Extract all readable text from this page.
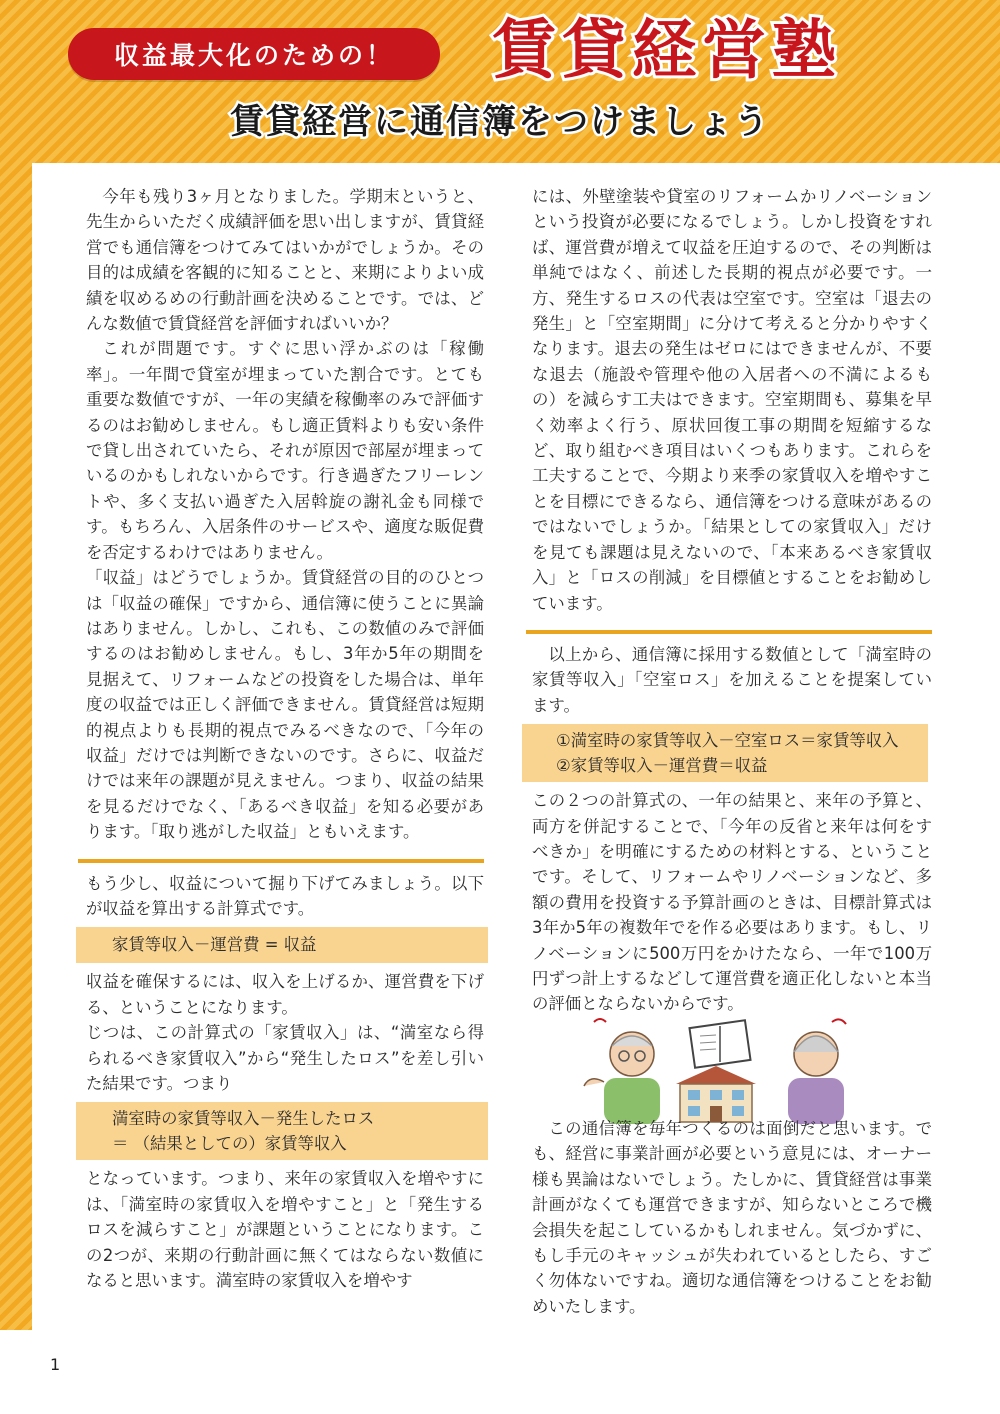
収益最大化のための！	賃貸経営塾
賃貸経営に通信簿をつけましょう

今年も残り3ヶ月となりました。学期末というと、先生からいただく成績評価を思い出しますが、賃貸経営でも通信簿をつけてみてはいかがでしょうか。その目的は成績を客観的に知ることと、来期によりよい成績を収めるめの行動計画を決めることです。では、どんな数値で賃貸経営を評価すればいいか？

これが問題です。すぐに思い浮かぶのは「稼働率」。一年間で貸室が埋まっていた割合です。とても重要な数値ですが、一年の実績を稼働率のみで評価するのはお勧めしません。もし適正賃料よりも安い条件で貸し出されていたら、それが原因で部屋が埋まっているのかもしれないからです。行き過ぎたフリーレントや、多く支払い過ぎた入居斡旋の謝礼金も同様です。もちろん、入居条件のサービスや、適度な販促費を否定するわけではありません。

「収益」はどうでしょうか。賃貸経営の目的のひとつは「収益の確保」ですから、通信簿に使うことに異論はありません。しかし、これも、この数値のみで評価するのはお勧めしません。もし、3年か5年の期間を見据えて、リフォームなどの投資をした場合は、単年度の収益では正しく評価できません。賃貸経営は短期的視点よりも長期的視点でみるべきなので、「今年の収益」だけでは判断できないのです。さらに、収益だけでは来年の課題が見えません。つまり、収益の結果を見るだけでなく、「あるべき収益」を知る必要があります。「取り逃がした収益」ともいえます。

もう少し、収益について掘り下げてみましょう。以下が収益を算出する計算式です。

家賃等収入－運営費 = 収益

収益を確保するには、収入を上げるか、運営費を下げる、ということになります。

じつは、この計算式の「家賃収入」は、“満室なら得られるべき家賃収入”から“発生したロス”を差し引いた結果です。つまり

満室時の家賃等収入－発生したロス
＝ （結果としての）家賃等収入

となっています。つまり、来年の家賃収入を増やすには、「満室時の家賃収入を増やすこと」と「発生するロスを減らすこと」が課題ということになります。この2つが、来期の行動計画に無くてはならない数値になると思います。満室時の家賃収入を増やす

には、外壁塗装や貸室のリフォームかリノベーションという投資が必要になるでしょう。しかし投資をすれば、運営費が増えて収益を圧迫するので、その判断は単純ではなく、前述した長期的視点が必要です。一方、発生するロスの代表は空室です。空室は「退去の発生」と「空室期間」に分けて考えると分かりやすくなります。退去の発生はゼロにはできませんが、不要な退去（施設や管理や他の入居者への不満によるもの）を減らす工夫はできます。空室期間も、募集を早く効率よく行う、原状回復工事の期間を短縮するなど、取り組むべき項目はいくつもあります。これらを工夫することで、今期より来季の家賃収入を増やすことを目標にできるなら、通信簿をつける意味があるのではないでしょうか。「結果としての家賃収入」だけを見ても課題は見えないので、「本来あるべき家賃収入」と「ロスの削減」を目標値とすることをお勧めしています。

以上から、通信簿に採用する数値として「満室時の家賃等収入」「空室ロス」を加えることを提案しています。

①満室時の家賃等収入－空室ロス＝家賃等収入
②家賃等収入－運営費＝収益

この２つの計算式の、一年の結果と、来年の予算と、両方を併記することで、「今年の反省と来年は何をすべきか」を明確にするための材料とする、ということです。そして、リフォームやリノベーションなど、多額の費用を投資する予算計画のときは、目標計算式は3年か5年の複数年でを作る必要はあります。もし、リノベーションに500万円をかけたなら、一年で100万円ずつ計上するなどして運営費を適正化しないと本当の評価とならないからです。

この通信簿を毎年つくるのは面倒だと思います。でも、経営に事業計画が必要という意見には、オーナー様も異論はないでしょう。たしかに、賃貸経営は事業計画がなくても運営できますが、知らないところで機会損失を起こしているかもしれません。気づかずに、もし手元のキャッシュが失われているとしたら、すごく勿体ないですね。適切な通信簿をつけることをお勧めいたします。

1
